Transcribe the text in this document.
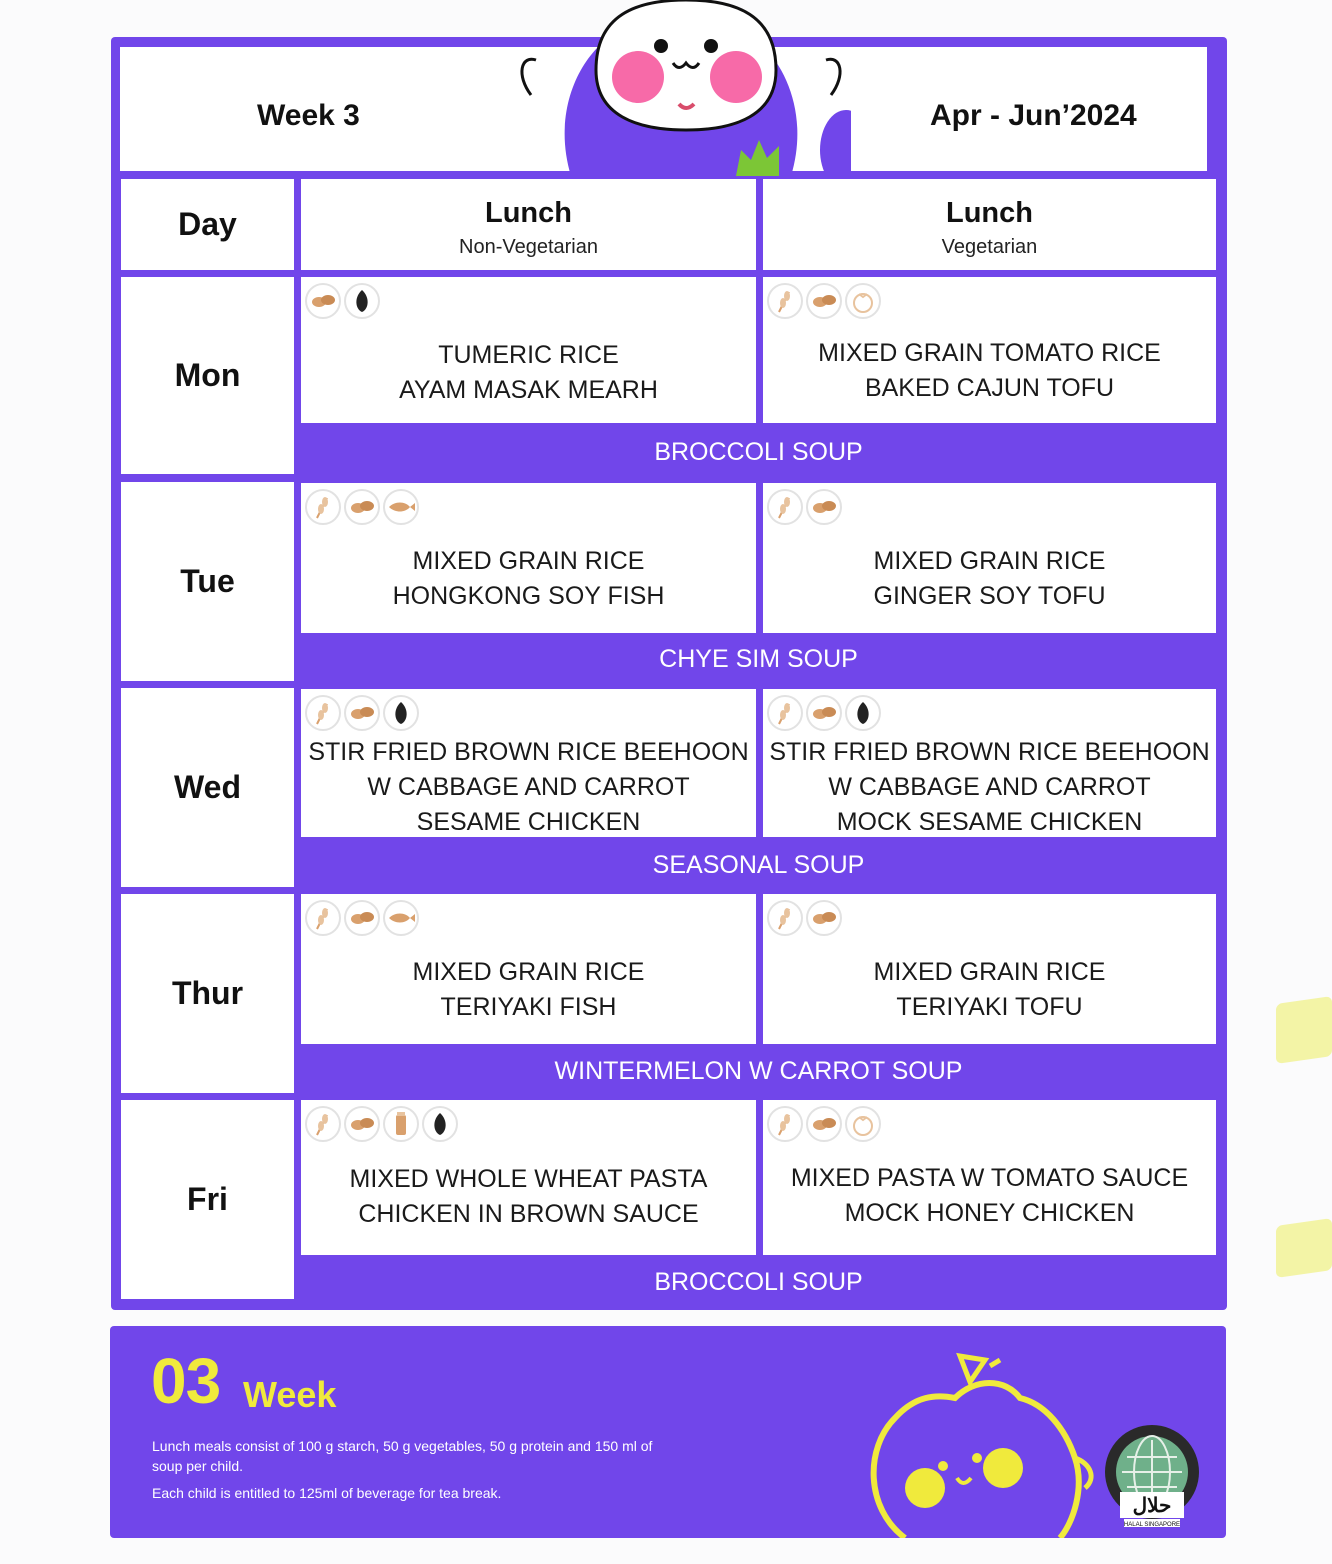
Week 3	Apr - Jun’2024
Day	Lunch
Non-Vegetarian
Lunch
Vegetarian
Mon
TUMERIC RICE
AYAM MASAK MEARH
MIXED GRAIN TOMATO RICE
BAKED CAJUN TOFU
BROCCOLI SOUP
Tue
MIXED GRAIN RICE
HONGKONG SOY FISH
MIXED GRAIN RICE
GINGER SOY TOFU
CHYE SIM SOUP
Wed
STIR FRIED BROWN RICE BEEHOON
W CABBAGE AND CARROT
SESAME CHICKEN
STIR FRIED BROWN RICE BEEHOON
W CABBAGE AND CARROT
MOCK SESAME CHICKEN
SEASONAL SOUP
Thur
MIXED GRAIN RICE
TERIYAKI FISH
MIXED GRAIN RICE
TERIYAKI TOFU
WINTERMELON W CARROT SOUP
Fri
MIXED WHOLE WHEAT PASTA
CHICKEN IN BROWN SAUCE
MIXED PASTA W TOMATO SAUCE
MOCK HONEY CHICKEN
BROCCOLI SOUP
03 Week
Lunch meals consist of 100 g starch, 50 g vegetables, 50 g protein and 150 ml of soup per child.
Each child is entitled to 125ml of beverage for tea break.
حلال
HALAL SINGAPORE
